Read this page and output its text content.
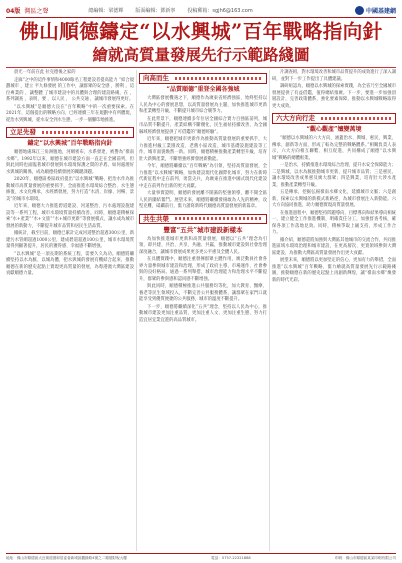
04版 灣區之聲	總編輯：梁德輝 版面編輯：鄧新寧 投稿郵箱：sgjh6@163.com	中國基建網
佛山順德鑄定“以水興城”百年戰略指向針
繪就高質量發展先行示範路綫圖

晨光一年前在此 拉克德後之家的

走廊”之中的這件事情和4000餘名工程建設者提高能力 “結合規劃城市 ，建立 平九條發展 的工作中，讓群眾的安全感 ，勝利 ，這位專業的 ，讓整體 了城市建設中的具體與合理的建設路綫，在 ，系列調查 ，表明，要 ，以人民 ， 公共交通 ，讓城市發展得更好。

“以水興城”是順德大良在“百年戰略”中的一次重要探索。在2021年，這個提出的戰略方向，已經連續三年在規劃中有所體現，從治水到興城，從水安全到水生態，一步一個腳印地推進。

立足先發
鑄定“以水興城”百年戰略指向針

順德地處珠江三角洲腹地，河網密布，水系發達，被譽為“嶺南水鄉”。1992年以來，順德在城市建設方面一直走在全國前列，但與此同時也面臨著城市發展與水環境保護之間的矛盾。如何處理好水與城的關係，成為順德持續發展的關鍵課題。

2020年，順德區委區政府提出“以水興城”戰略，把治水作為推動城市高質量發展的重要抓手，全面推進水環境綜合整治、水生態修復、水文化傳承、水經濟發展，努力打造“水清、岸綠、河暢、景美”的城市水環境。

近年來，順德大力推進碧道建設、河道整治、污水處理設施建設等一系列工程，城市水環境質量持續改善。同時，順德還積極探索“水+產業”“水+文旅”“水+城市更新”等發展模式，讓水成為城市發展的新動力，不斷提升城市品質和居民生活品質。

據統計，截至目前，順德已累計完成河道整治超過300公里，新建污水管網超過1000公里，建成碧道超過100公里，城市水環境質量得到顯著提升，居民的獲得感、幸福感不斷增強。

“以水興城”是一項長期的系統工程，需要久久為功。順德將繼續堅持以水為脈、以城為體，把水與城的發展有機結合起來，推動順德在新的歷史起點上實現更高質量的發展，為粵港澳大灣區建設貢獻順德力量。

向高而生
“品質順德”重登全國各強城

大灣區發展機遇之下，順德作為廣東省經濟強區，始終堅持以人民為中心的發展思想，以高質量發展為主題，加快推進城市更新和產業轉型升級，不斷提升城市綜合競爭力。

在此背景下，順德連續多年位居全國綜合實力百強區前列，城市品質不斷提升，產業結構不斷優化，民生福祉持續改善，為全國縣域經濟發展提供了可借鑑的“順德經驗”。

近年來，順德把城市更新作為推動高質量發展的重要抓手，大力推進村級工業園改造、老舊小區改造、城市基礎設施建設等工作，城市面貌煥然一新。同時，順德積極推動產業轉型升級，培育壯大新興產業，不斷增強經濟發展新動能。

今年，順德將繼續以“百年戰略”為引領，堅持高質量發展，全力推進“以水興城”戰略，加快建設現代化國際化城市，努力在新時代新征程中走在前列、勇當尖兵，為廣東在推進中國式現代化建設中走在前列作出新的更大貢獻。

大量事實證明，順德的發展離不開黨的堅強領導，離不開全區人民的團結奮鬥。展望未來，順德將繼續發揚敢為人先的精神，攻堅克難，砥礪前行，奮力譜寫新時代順德高質量發展的新篇章。

共生共榮
豐富“五共”城市建設新樣本

為加快推進城市更新和高質量發展，順德以“五共”理念為引領，即共建、共治、共享、共融、共贏，推動城市建設與社會治理深度融合，讓城市發展成果更多更公平惠及全體人民。

在具體實踐中，順德注重發揮群眾主體作用，廣泛動員社會各界力量參與城市建設和治理，形成了政府主導、市場運作、社會參與的良好格局。通過一系列舉措，城市治理能力和治理水平不斷提升，群眾的參與感和認同感不斷增強。

與此同時，順德積極推進公共服務均等化，加大教育、醫療、養老等民生領域投入，不斷完善公共服務體系，讓群眾在家門口就能享受到優質便捷的公共服務，城市的溫度不斷提升。

下一步，順德將繼續深化“五共”理念，堅持以人民為中心，推動城市建設更加注重品質、更加注重人文、更加注重生態，努力打造宜居宜業宜遊的高品質城市。

片調查組，對水環境改善和城市品質提升的成效進行了深入調研，並對下一步工作提出了具體建議。

調研組認為，順德以水興城的探索實踐，為全省乃至全國城市發展提供了有益借鑑，值得總結推廣。下一步，要進一步加強頂層設計，完善政策體系，強化要素保障，推動以水興城戰略取得更大成效。

六大方向行走
“觀心觀產”嬗變萬境

“順德以水興城的六大方向，涵蓋治水、興城、惠民、興業、傳承、創新等方面，形成了較為完整的戰略體系。”相關負責人表示，六大方向相互聯繫、相互促進，共同構成了順德“以水興城”戰略的總體框架。

一是治水，持續推進水環境綜合治理，提升水安全保障能力；二是興城，以水為脈推動城市更新，提升城市品質；三是惠民，讓水環境改善成果惠及廣大群眾；四是興業，培育壯大涉水產業，推動產業轉型升級。

五是傳承，挖掘弘揚嶺南水鄉文化，延續城市文脈；六是創新，探索以水興城的新模式新路徑，為城市發展注入新動能。六大方向協同推進，助力順德實現高質量發展。

在推進過程中，順德堅持問題導向、目標導向和結果導向相統一，建立健全工作推進機制，明確責任分工，加強督查考核，確保各項工作落地見效。同時，積極爭取上級支持，形成工作合力。

據介紹，順德還將加強與大灣區其他城市的交流合作，共同推進區域水環境治理和城市建設，在更高層次、更寬領域參與大灣區建設，為推動大灣區高質量發展作出更大貢獻。

展望未來，順德將以更加堅定的信心、更加有力的舉措，全面推進“以水興城”百年戰略，奮力繪就高質量發展先行示範路綫圖，推動順德在新的歷史起點上再創新輝煌，讓“嶺南水鄉”煥發新的時代光彩。

地址：佛山市順德區大良街道德和居委會新城區觀綠路4號之二順德財稅大樓	電話：0757-22321888	印刷：佛山市順德區某某印刷有限公司
